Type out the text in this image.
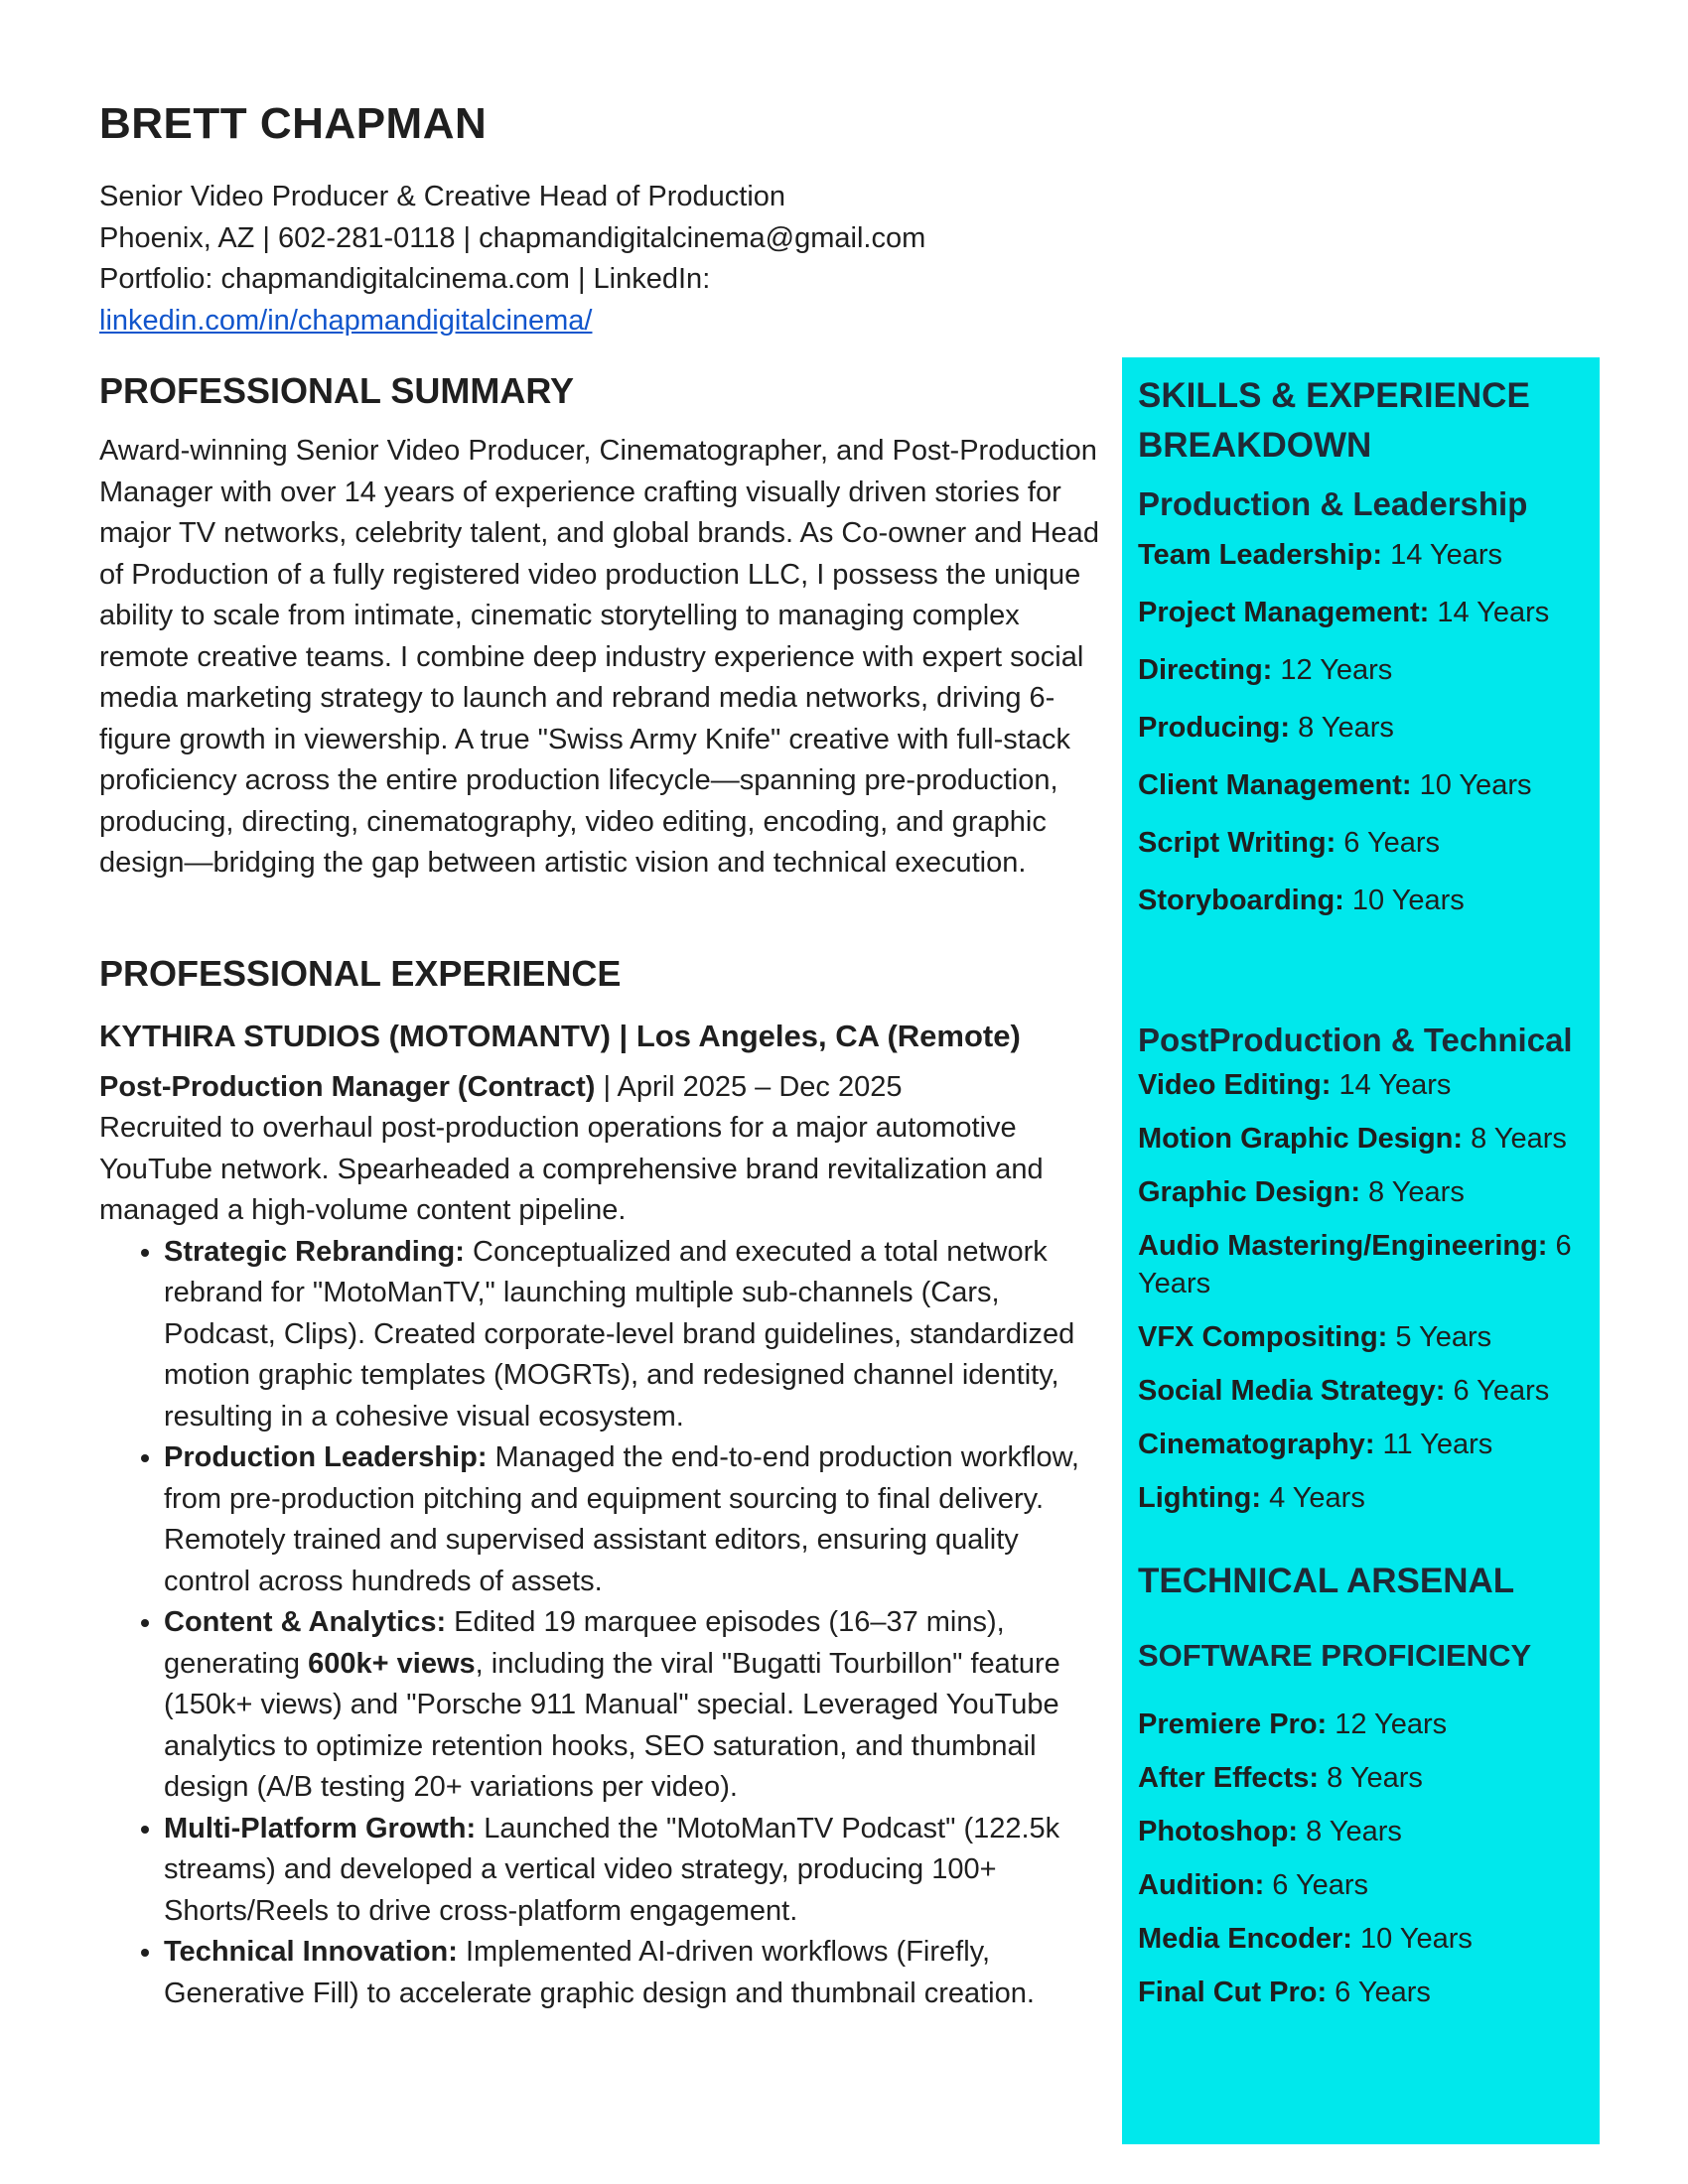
BRETT CHAPMAN
Senior Video Producer & Creative Head of Production
Phoenix, AZ | 602-281-0118 | chapmandigitalcinema@gmail.com
Portfolio: chapmandigitalcinema.com | LinkedIn:
linkedin.com/in/chapmandigitalcinema/
PROFESSIONAL SUMMARY

Award-winning Senior Video Producer, Cinematographer, and Post-Production Manager with over 14 years of experience crafting visually driven stories for major TV networks, celebrity talent, and global brands. As Co-owner and Head of Production of a fully registered video production LLC, I possess the unique ability to scale from intimate, cinematic storytelling to managing complex remote creative teams. I combine deep industry experience with expert social media marketing strategy to launch and rebrand media networks, driving 6-figure growth in viewership. A true "Swiss Army Knife" creative with full-stack proficiency across the entire production lifecycle—spanning pre-production, producing, directing, cinematography, video editing, encoding, and graphic design—bridging the gap between artistic vision and technical execution.

PROFESSIONAL EXPERIENCE
KYTHIRA STUDIOS (MOTOMANTV) | Los Angeles, CA (Remote)
Post-Production Manager (Contract) | April 2025 – Dec 2025
Recruited to overhaul post-production operations for a major automotive YouTube network. Spearheaded a comprehensive brand revitalization and managed a high-volume content pipeline.
• Strategic Rebranding: Conceptualized and executed a total network rebrand for "MotoManTV," launching multiple sub-channels (Cars, Podcast, Clips). Created corporate-level brand guidelines, standardized motion graphic templates (MOGRTs), and redesigned channel identity, resulting in a cohesive visual ecosystem.
• Production Leadership: Managed the end-to-end production workflow, from pre-production pitching and equipment sourcing to final delivery. Remotely trained and supervised assistant editors, ensuring quality control across hundreds of assets.
• Content & Analytics: Edited 19 marquee episodes (16–37 mins), generating 600k+ views, including the viral "Bugatti Tourbillon" feature (150k+ views) and "Porsche 911 Manual" special. Leveraged YouTube analytics to optimize retention hooks, SEO saturation, and thumbnail design (A/B testing 20+ variations per video).
• Multi-Platform Growth: Launched the "MotoManTV Podcast" (122.5k streams) and developed a vertical video strategy, producing 100+ Shorts/Reels to drive cross-platform engagement.
• Technical Innovation: Implemented AI-driven workflows (Firefly, Generative Fill) to accelerate graphic design and thumbnail creation.
SKILLS & EXPERIENCE BREAKDOWN
Production & Leadership
Team Leadership: 14 Years
Project Management: 14 Years
Directing: 12 Years
Producing: 8 Years
Client Management: 10 Years
Script Writing: 6 Years
Storyboarding: 10 Years
PostProduction & Technical
Video Editing: 14 Years
Motion Graphic Design: 8 Years
Graphic Design: 8 Years
Audio Mastering/Engineering: 6 Years
VFX Compositing: 5 Years
Social Media Strategy: 6 Years
Cinematography: 11 Years
Lighting: 4 Years
TECHNICAL ARSENAL
SOFTWARE PROFICIENCY
Premiere Pro: 12 Years
After Effects: 8 Years
Photoshop: 8 Years
Audition: 6 Years
Media Encoder: 10 Years
Final Cut Pro: 6 Years
